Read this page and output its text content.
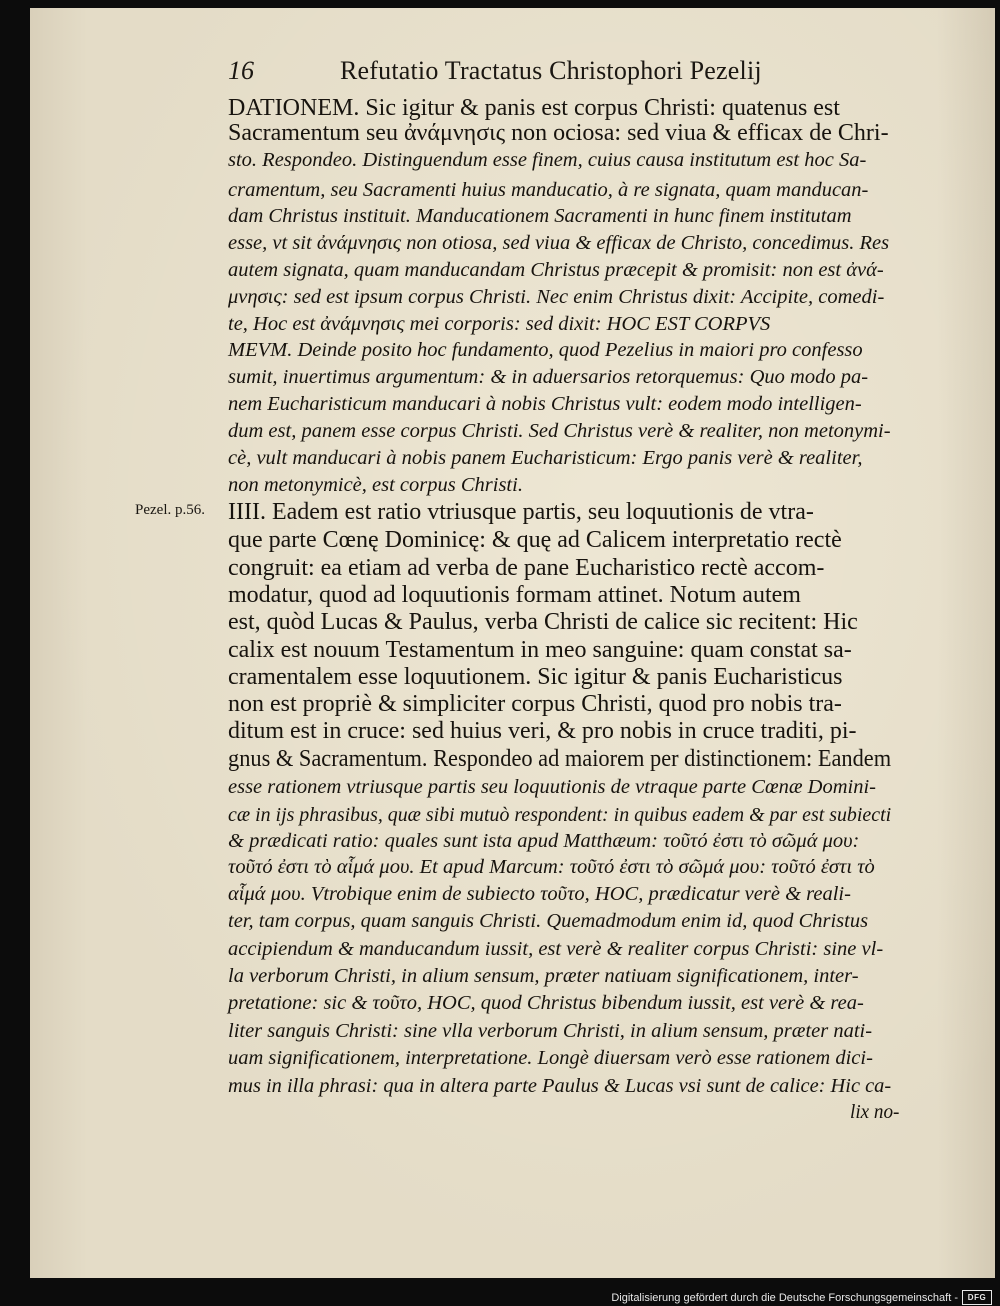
16	Refutatio Tractatus Christophori Pezelij
Pezel. p.56.
DATIONEM. Sic igitur & panis est corpus Christi: quatenus est
Sacramentum seu ἀνάμνησις non ociosa: sed viua & efficax de Chri-
sto. Respondeo. Distinguendum esse finem, cuius causa institutum est hoc Sa-
cramentum, seu Sacramenti huius manducatio, à re signata, quam manducan-
dam Christus instituit. Manducationem Sacramenti in hunc finem institutam
esse, vt sit ἀνάμνησις non otiosa, sed viua & efficax de Christo, concedimus. Res
autem signata, quam manducandam Christus præcepit & promisit: non est ἀνά-
μνησις: sed est ipsum corpus Christi. Nec enim Christus dixit: Accipite, comedi-
te, Hoc est ἀνάμνησις mei corporis: sed dixit: HOC EST CORPVS
MEVM. Deinde posito hoc fundamento, quod Pezelius in maiori pro confesso
sumit, inuertimus argumentum: & in aduersarios retorquemus: Quo modo pa-
nem Eucharisticum manducari à nobis Christus vult: eodem modo intelligen-
dum est, panem esse corpus Christi. Sed Christus verè & realiter, non metonymi-
cè, vult manducari à nobis panem Eucharisticum: Ergo panis verè & realiter,
non metonymicè, est corpus Christi.
IIII. Eadem est ratio vtriusque partis, seu loquutionis de vtra-
que parte Cœnę Dominicę: & quę ad Calicem interpretatio rectè
congruit: ea etiam ad verba de pane Eucharistico rectè accom-
modatur, quod ad loquutionis formam attinet. Notum autem
est, quòd Lucas & Paulus, verba Christi de calice sic recitent: Hic
calix est nouum Testamentum in meo sanguine: quam constat sa-
cramentalem esse loquutionem. Sic igitur & panis Eucharisticus
non est propriè & simpliciter corpus Christi, quod pro nobis tra-
ditum est in cruce: sed huius veri, & pro nobis in cruce traditi, pi-
gnus & Sacramentum. Respondeo ad maiorem per distinctionem: Eandem
esse rationem vtriusque partis seu loquutionis de vtraque parte Cœnæ Domini-
cæ in ijs phrasibus, quæ sibi mutuò respondent: in quibus eadem & par est subiecti
& prædicati ratio: quales sunt ista apud Matthæum: τοῦτό ἐστι τὸ σῶμά μου:
τοῦτό ἐστι τὸ αἷμά μου. Et apud Marcum: τοῦτό ἐστι τὸ σῶμά μου: τοῦτό ἐστι τὸ
αἷμά μου. Vtrobique enim de subiecto τοῦτο, HOC, prædicatur verè & reali-
ter, tam corpus, quam sanguis Christi. Quemadmodum enim id, quod Christus
accipiendum & manducandum iussit, est verè & realiter corpus Christi: sine vl-
la verborum Christi, in alium sensum, præter natiuam significationem, inter-
pretatione: sic & τοῦτο, HOC, quod Christus bibendum iussit, est verè & rea-
liter sanguis Christi: sine vlla verborum Christi, in alium sensum, præter nati-
uam significationem, interpretatione. Longè diuersam verò esse rationem dici-
mus in illa phrasi: qua in altera parte Paulus & Lucas vsi sunt de calice: Hic ca-
lix no-
Digitalisierung gefördert durch die Deutsche Forschungsgemeinschaft -	DFG
